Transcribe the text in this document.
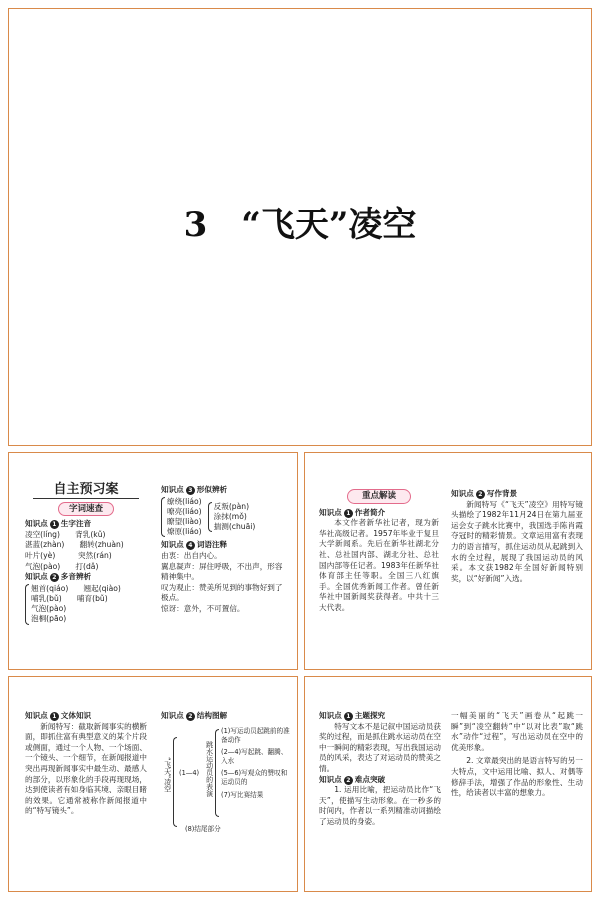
3　“飞天”凌空
自主预习案
字词速查
知识点 1 生字注音
凌空(líng)　　背乳(kǔ)
湛蓝(zhàn)　　翻转(zhuàn)
叶片(yè)　　　突然(rán)
气泡(pào)　　打(dǎ)
知识点 2 多音辨析
翘首(qiáo)　　翘起(qiào)
哺乳(bǔ)　　哺育(bǔ)
气泡(pào)
泡桐(pāo)
知识点 3 形似辨析
缭绕(liáo)
嘹亮(liáo)
瞭望(liào)
燎原(liáo)
反叛(pàn)
涂抹(mǒ)
揣测(chuāi)
知识点 4 词语注释
由衷：出自内心。
翼息凝声：屏住呼吸，不出声，形容精神集中。
叹为观止：赞美所见到的事物好到了极点。
惊讶：意外，不可置信。
重点解读
知识点 1 作者简介
本文作者新华社记者，现为新华社高级记者。1957年毕业于复旦大学新闻系。先后在新华社湖北分社、总社国内部、湖北分社、总社国内部等任记者。1983年任新华社体育部主任等职。全国三八红旗手。全国优秀新闻工作者。曾任新华社中国新闻奖获得者。中共十三大代表。
知识点 2 写作背景
新闻特写《“飞天”凌空》用特写镜头描绘了1982年11月24日在第九届亚运会女子跳水比赛中，我国选手陈肖霞夺冠时的精彩情景。文章运用富有表现力的语言描写，抓住运动员从起跳到入水的全过程，展现了我国运动员的风采。本文获1982年全国好新闻特别奖，以“好新闻”入选。
知识点 1 文体知识
新闻特写：截取新闻事实的横断面，即抓住富有典型意义的某个片段或侧面，通过一个人物、一个场面、一个镜头、一个细节，在新闻报道中突出再现新闻事实中最生动、最感人的部分，以形象化的手段再现现场，达到使读者有如身临其境、亲眼目睹的效果。它通常被称作新闻报道中的“特写镜头”。
知识点 2 结构图解
“飞天”凌空 (1—4) 跳水运动员的表演
(1)写运动员起跳前的准备动作
(2—4)写起跳、翻腾、入水
(5—6)写观众的赞叹和运动员的
(7)写比赛结果
(8)结尾部分
知识点 1 主题探究
特写文本不是记叙中国运动员获奖的过程，而是抓住跳水运动员在空中一瞬间的精彩表现，写出我国运动员的风采，表达了对运动员的赞美之情。
知识点 2 难点突破
1. 运用比喻，把运动员比作“飞天”，使描写生动形象。在一秒多的时间内，作者以一系列精准动词描绘了运动员的身姿。
一幅美丽的“飞天”画卷从“起跳一瞬”到“凌空翻转”中“以对比表”取“跳水”动作“过程”，写出运动员在空中的优美形象。
2. 文章最突出的是语言特写的另一大特点，文中运用比喻、拟人、对偶等修辞手法，增强了作品的形象性、生动性，给读者以丰富的想象力。
